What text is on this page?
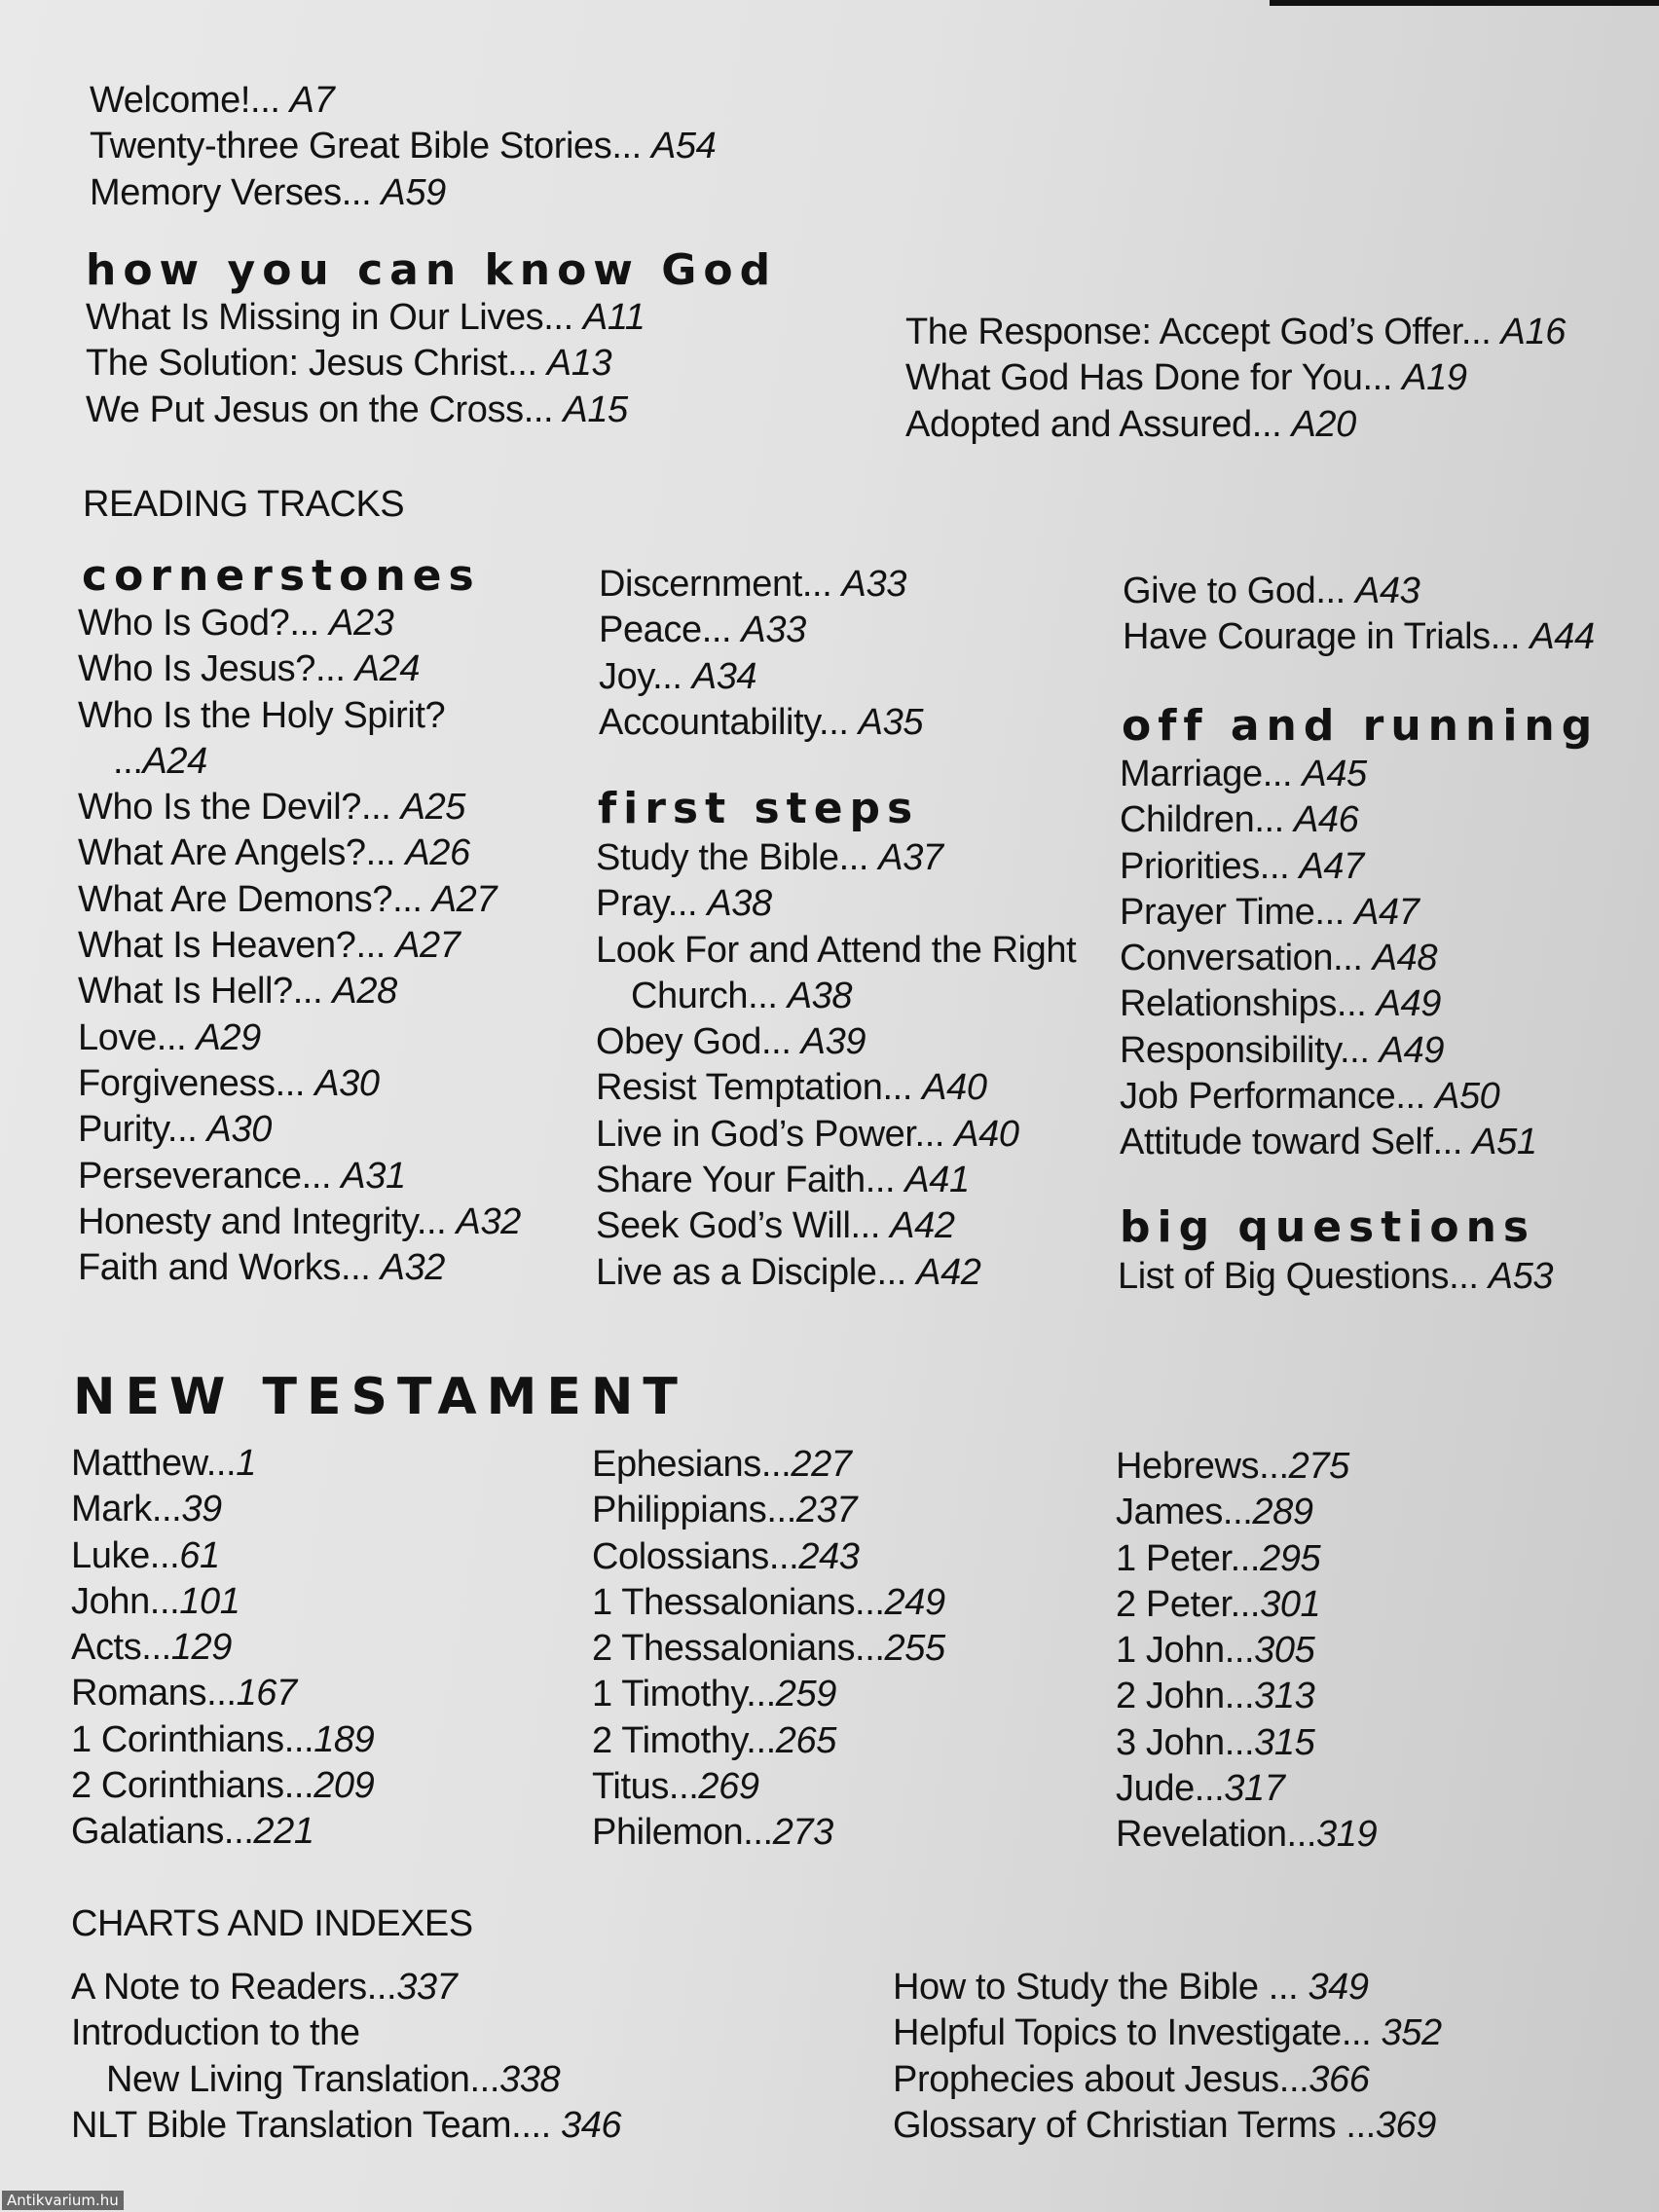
Welcome!... A7
Twenty-three Great Bible Stories... A54
Memory Verses... A59
how you can know God
What Is Missing in Our Lives... A11
The Solution: Jesus Christ... A13
We Put Jesus on the Cross... A15
The Response: Accept God’s Offer... A16
What God Has Done for You... A19
Adopted and Assured... A20
READING TRACKS
cornerstones
Who Is God?... A23
Who Is Jesus?... A24
Who Is the Holy Spirit?
...A24
Who Is the Devil?... A25
What Are Angels?... A26
What Are Demons?... A27
What Is Heaven?... A27
What Is Hell?... A28
Love... A29
Forgiveness... A30
Purity... A30
Perseverance... A31
Honesty and Integrity... A32
Faith and Works... A32
Discernment... A33
Peace... A33
Joy... A34
Accountability... A35
first steps
Study the Bible... A37
Pray... A38
Look For and Attend the Right
Church... A38
Obey God... A39
Resist Temptation... A40
Live in God’s Power... A40
Share Your Faith... A41
Seek God’s Will... A42
Live as a Disciple... A42
Give to God... A43
Have Courage in Trials... A44
off and running
Marriage... A45
Children... A46
Priorities... A47
Prayer Time... A47
Conversation... A48
Relationships... A49
Responsibility... A49
Job Performance... A50
Attitude toward Self... A51
big questions
List of Big Questions... A53
NEW TESTAMENT
Matthew...1
Mark...39
Luke...61
John...101
Acts...129
Romans...167
1 Corinthians...189
2 Corinthians...209
Galatians...221
Ephesians...227
Philippians...237
Colossians...243
1 Thessalonians...249
2 Thessalonians...255
1 Timothy...259
2 Timothy...265
Titus...269
Philemon...273
Hebrews...275
James...289
1 Peter...295
2 Peter...301
1 John...305
2 John...313
3 John...315
Jude...317
Revelation...319
CHARTS AND INDEXES
A Note to Readers...337
Introduction to the
New Living Translation...338
NLT Bible Translation Team.... 346
How to Study the Bible ... 349
Helpful Topics to Investigate... 352
Prophecies about Jesus...366
Glossary of Christian Terms ...369
Antikvarium.hu
